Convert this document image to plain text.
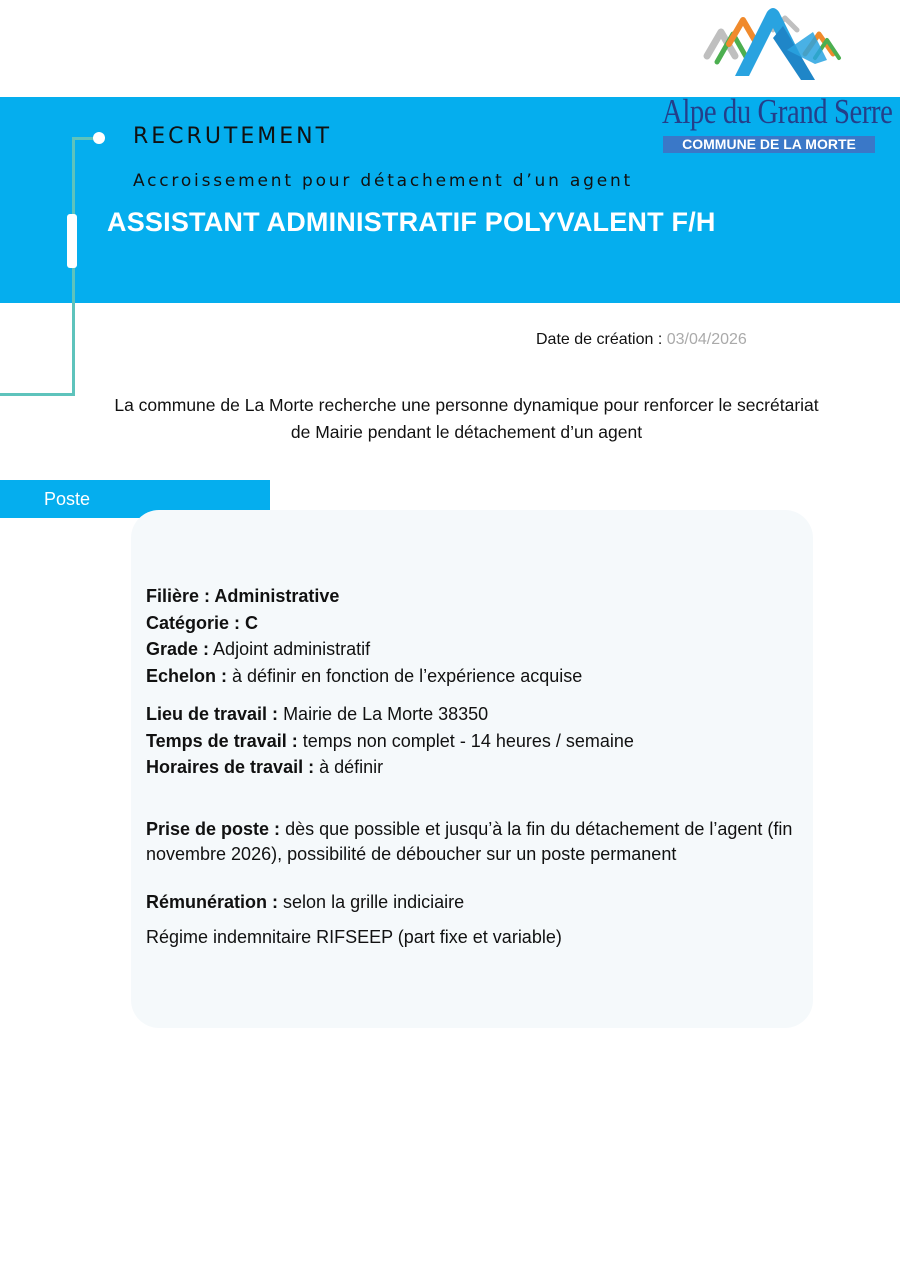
Alpe du Grand Serre
COMMUNE DE LA MORTE
RECRUTEMENT
Accroissement pour détachement d’un agent
ASSISTANT ADMINISTRATIF POLYVALENT F/H
Date de création : 03/04/2026
La commune de La Morte recherche une personne dynamique pour renforcer le secrétariat de Mairie pendant le détachement d’un agent
Poste
Filière : Administrative
Catégorie : C
Grade : Adjoint administratif
Echelon : à définir en fonction de l’expérience acquise
Lieu de travail : Mairie de La Morte 38350
Temps de travail : temps non complet - 14 heures / semaine
Horaires de travail : à définir
Prise de poste : dès que possible et jusqu’à la fin du détachement de l’agent (fin novembre 2026), possibilité de déboucher sur un poste permanent
Rémunération : selon la grille indiciaire
Régime indemnitaire RIFSEEP (part fixe et variable)
